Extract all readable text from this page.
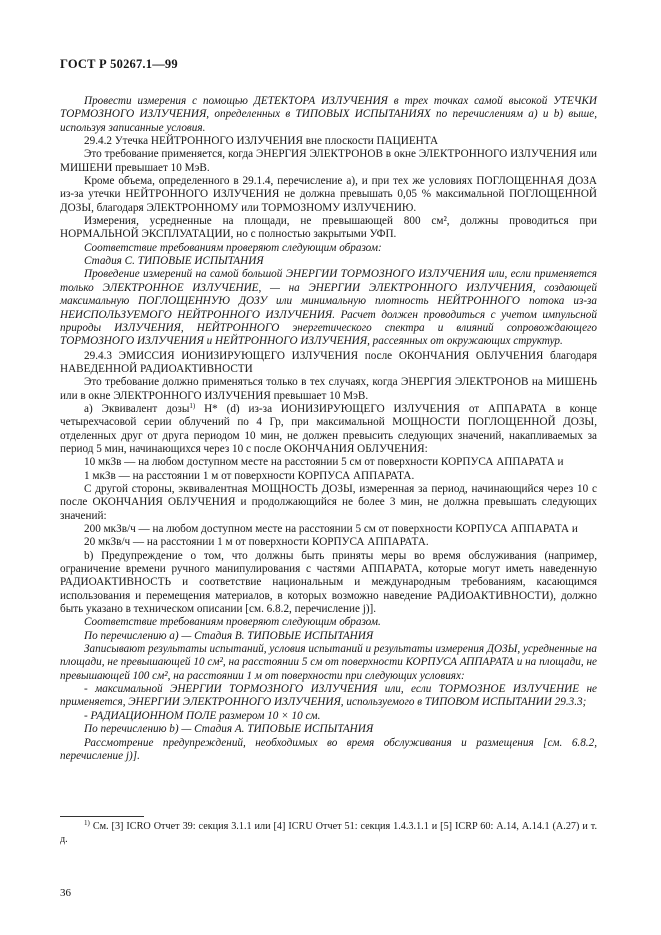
ГОСТ Р 50267.1—99

Провести измерения с помощью ДЕТЕКТОРА ИЗЛУЧЕНИЯ в трех точках самой высокой УТЕЧКИ ТОРМОЗНОГО ИЗЛУЧЕНИЯ, определенных в ТИПОВЫХ ИСПЫТАНИЯХ по перечислениям а) и b) выше, используя записанные условия.

29.4.2 Утечка НЕЙТРОННОГО ИЗЛУЧЕНИЯ вне плоскости ПАЦИЕНТА

Это требование применяется, когда ЭНЕРГИЯ ЭЛЕКТРОНОВ в окне ЭЛЕКТРОННОГО ИЗЛУЧЕНИЯ или МИШЕНИ превышает 10 МэВ.

Кроме объема, определенного в 29.1.4, перечисление а), и при тех же условиях ПОГЛОЩЕННАЯ ДОЗА из-за утечки НЕЙТРОННОГО ИЗЛУЧЕНИЯ не должна превышать 0,05 % максимальной ПОГЛОЩЕННОЙ ДОЗЫ, благодаря ЭЛЕКТРОННОМУ или ТОРМОЗНОМУ ИЗЛУЧЕНИЮ.

Измерения, усредненные на площади, не превышающей 800 см², должны проводиться при НОРМАЛЬНОЙ ЭКСПЛУАТАЦИИ, но с полностью закрытыми УФП.

Соответствие требованиям проверяют следующим образом:

Стадия С. ТИПОВЫЕ ИСПЫТАНИЯ

Проведение измерений на самой большой ЭНЕРГИИ ТОРМОЗНОГО ИЗЛУЧЕНИЯ или, если применяется только ЭЛЕКТРОННОЕ ИЗЛУЧЕНИЕ, — на ЭНЕРГИИ ЭЛЕКТРОННОГО ИЗЛУЧЕНИЯ, создающей максимальную ПОГЛОЩЕННУЮ ДОЗУ или минимальную плотность НЕЙТРОННОГО потока из-за НЕИСПОЛЬЗУЕМОГО НЕЙТРОННОГО ИЗЛУЧЕНИЯ. Расчет должен проводиться с учетом импульсной природы ИЗЛУЧЕНИЯ, НЕЙТРОННОГО энергетического спектра и влияний сопровождающего ТОРМОЗНОГО ИЗЛУЧЕНИЯ и НЕЙТРОННОГО ИЗЛУЧЕНИЯ, рассеянных от окружающих структур.

29.4.3 ЭМИССИЯ ИОНИЗИРУЮЩЕГО ИЗЛУЧЕНИЯ после ОКОНЧАНИЯ ОБЛУЧЕНИЯ благодаря НАВЕДЕННОЙ РАДИОАКТИВНОСТИ

Это требование должно применяться только в тех случаях, когда ЭНЕРГИЯ ЭЛЕКТРОНОВ на МИШЕНЬ или в окне ЭЛЕКТРОННОГО ИЗЛУЧЕНИЯ превышает 10 МэВ.

а) Эквивалент дозы$^{1)}$ H* (d) из-за ИОНИЗИРУЮЩЕГО ИЗЛУЧЕНИЯ от АППАРАТА в конце четырехчасовой серии облучений по 4 Гр, при максимальной МОЩНОСТИ ПОГЛОЩЕННОЙ ДОЗЫ, отделенных друг от друга периодом 10 мин, не должен превысить следующих значений, накапливаемых за период 5 мин, начинающихся через 10 с после ОКОНЧАНИЯ ОБЛУЧЕНИЯ:

10 мкЗв — на любом доступном месте на расстоянии 5 см от поверхности КОРПУСА АППАРАТА и

1 мкЗв — на расстоянии 1 м от поверхности КОРПУСА АППАРАТА.

С другой стороны, эквивалентная МОЩНОСТЬ ДОЗЫ, измеренная за период, начинающийся через 10 с после ОКОНЧАНИЯ ОБЛУЧЕНИЯ и продолжающийся не более 3 мин, не должна превышать следующих значений:

200 мкЗв/ч — на любом доступном месте на расстоянии 5 см от поверхности КОРПУСА АППАРАТА и

20 мкЗв/ч — на расстоянии 1 м от поверхности КОРПУСА АППАРАТА.

b) Предупреждение о том, что должны быть приняты меры во время обслуживания (например, ограничение времени ручного манипулирования с частями АППАРАТА, которые могут иметь наведенную РАДИОАКТИВНОСТЬ и соответствие национальным и международным требованиям, касающимся использования и перемещения материалов, в которых возможно наведение РАДИОАКТИВНОСТИ), должно быть указано в техническом описании [см. 6.8.2, перечисление j)].

Соответствие требованиям проверяют следующим образом.

По перечислению а) — Стадия В. ТИПОВЫЕ ИСПЫТАНИЯ

Записывают результаты испытаний, условия испытаний и результаты измерения ДОЗЫ, усредненные на площади, не превышающей 10 см², на расстоянии 5 см от поверхности КОРПУСА АППАРАТА и на площади, не превышающей 100 см², на расстоянии 1 м от поверхности при следующих условиях:

- максимальной ЭНЕРГИИ ТОРМОЗНОГО ИЗЛУЧЕНИЯ или, если ТОРМОЗНОЕ ИЗЛУЧЕНИЕ не применяется, ЭНЕРГИИ ЭЛЕКТРОННОГО ИЗЛУЧЕНИЯ, используемого в ТИПОВОМ ИСПЫТАНИИ 29.3.3;

- РАДИАЦИОННОМ ПОЛЕ размером 10 × 10 см.

По перечислению b) — Стадия А. ТИПОВЫЕ ИСПЫТАНИЯ

Рассмотрение предупреждений, необходимых во время обслуживания и размещения [см. 6.8.2, перечисление j)].

$^{1)}$ См. [3] ICRO Отчет 39: секция 3.1.1 или [4] ICRU Отчет 51: секция 1.4.3.1.1 и [5] ICRP 60: А.14, А.14.1 (А.27) и т. д.

36
